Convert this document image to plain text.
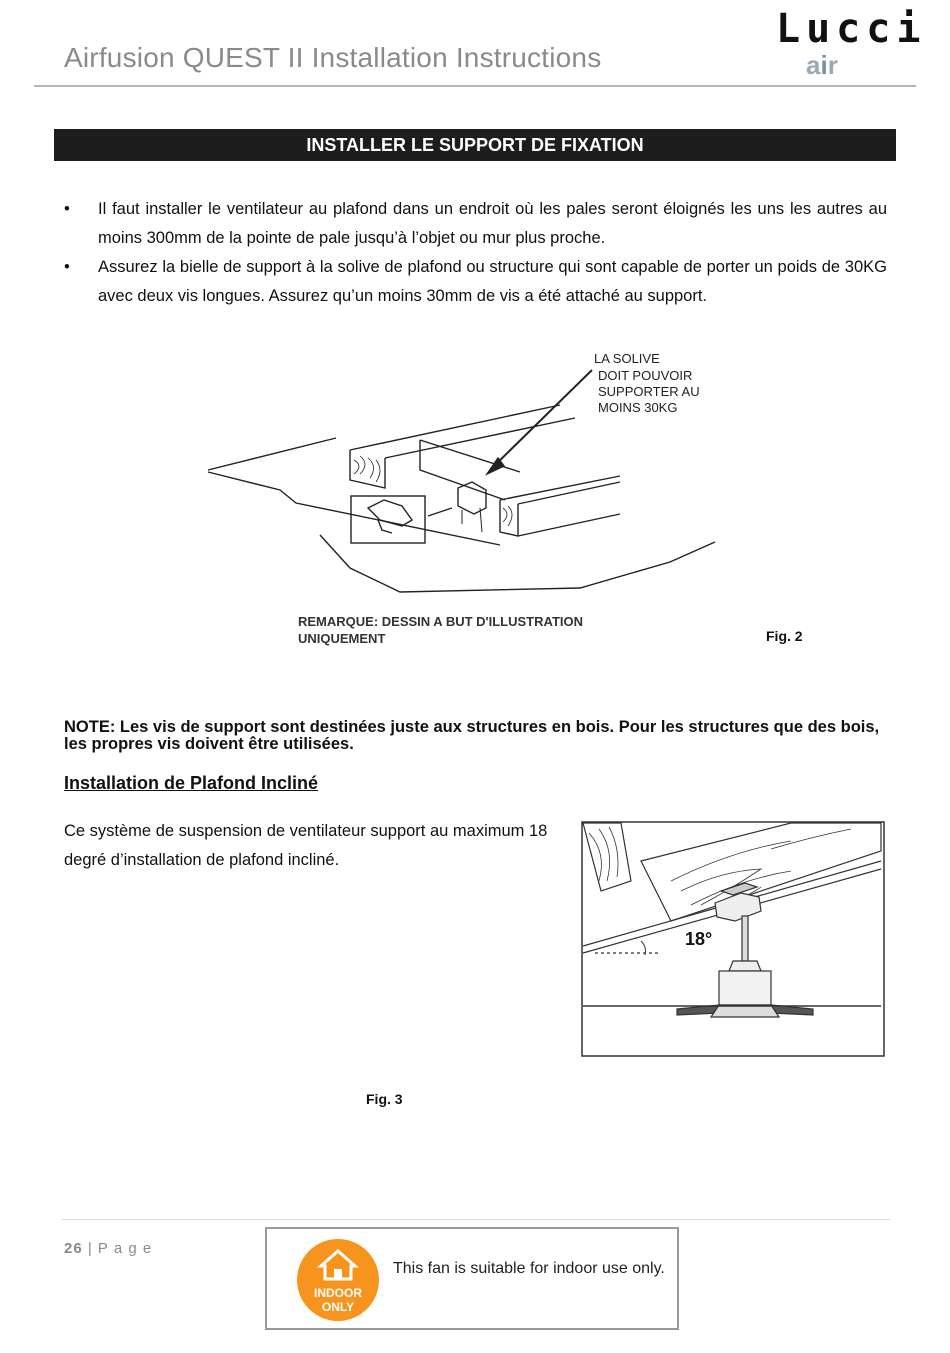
Airfusion QUEST II Installation Instructions
Lucci
air
INSTALLER LE SUPPORT DE FIXATION
• Il faut installer le ventilateur au plafond dans un endroit où les pales seront éloignés les uns les autres au moins 300mm de la pointe de pale jusqu’à l’objet ou mur plus proche.
• Assurez la bielle de support à la solive de plafond ou structure qui sont capable de porter un poids de 30KG avec deux vis longues. Assurez qu’un moins 30mm de vis a été attaché au support.
LA SOLIVE
DOIT POUVOIR
SUPPORTER AU
MOINS 30KG
REMARQUE: DESSIN A BUT D'ILLUSTRATION
UNIQUEMENT	Fig. 2
NOTE: Les vis de support sont destinées juste aux structures en bois. Pour les structures que des bois, les propres vis doivent être utilisées.
Installation de Plafond Incliné
Ce système de suspension de ventilateur support au maximum 18 degré d’installation de plafond incliné.
18°
Fig. 3
26 | P a g e
INDOOR
ONLY
This fan is suitable for indoor use only.
